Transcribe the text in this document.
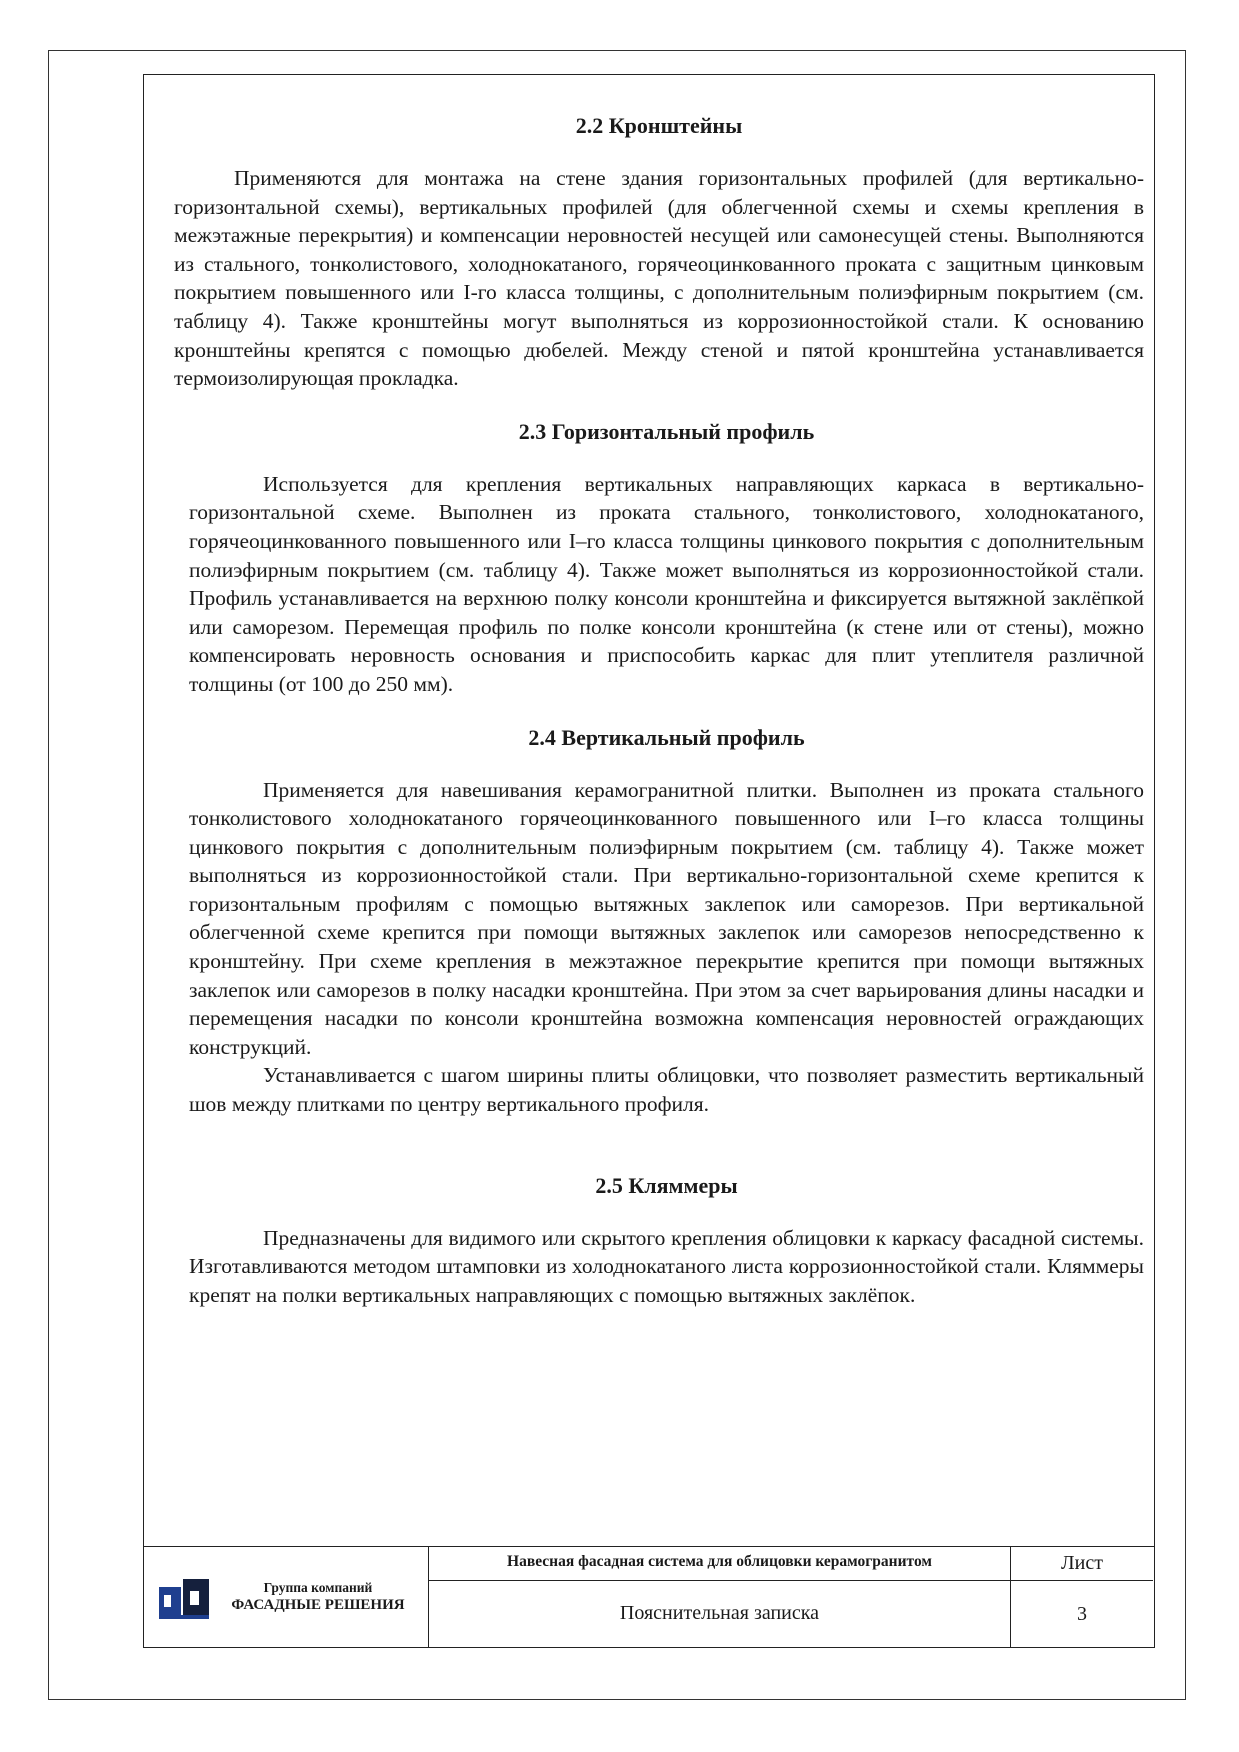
2.2 Кронштейны

Применяются для монтажа на стене здания горизонтальных профилей (для вертикально-горизонтальной схемы), вертикальных профилей (для облегченной схемы и схемы крепления в межэтажные перекрытия) и компенсации неровностей несущей или самонесущей стены. Выполняются из стального, тонколистового, холоднокатаного, горячеоцинкованного проката с защитным цинковым покрытием повышенного или I-го класса толщины, с дополнительным полиэфирным покрытием (см. таблицу 4). Также кронштейны могут выполняться из коррозионностойкой стали. К основанию кронштейны крепятся с помощью дюбелей. Между стеной и пятой кронштейна устанавливается термоизолирующая прокладка.

2.3 Горизонтальный профиль

Используется для крепления вертикальных направляющих каркаса в вертикально-горизонтальной схеме. Выполнен из проката стального, тонколистового, холоднокатаного, горячеоцинкованного повышенного или I–го класса толщины цинкового покрытия с дополнительным полиэфирным покрытием (см. таблицу 4). Также может выполняться из коррозионностойкой стали. Профиль устанавливается на верхнюю полку консоли кронштейна и фиксируется вытяжной заклёпкой или саморезом. Перемещая профиль по полке консоли кронштейна (к стене или от стены), можно компенсировать неровность основания и приспособить каркас для плит утеплителя различной толщины (от 100 до 250 мм).

2.4 Вертикальный профиль

Применяется для навешивания керамогранитной плитки. Выполнен из проката стального тонколистового холоднокатаного горячеоцинкованного повышенного или I–го класса толщины цинкового покрытия с дополнительным полиэфирным покрытием (см. таблицу 4). Также может выполняться из коррозионностойкой стали. При вертикально-горизонтальной схеме крепится к горизонтальным профилям с помощью вытяжных заклепок или саморезов. При вертикальной облегченной схеме крепится при помощи вытяжных заклепок или саморезов непосредственно к кронштейну. При схеме крепления в межэтажное перекрытие крепится при помощи вытяжных заклепок или саморезов в полку насадки кронштейна. При этом за счет варьирования длины насадки и перемещения насадки по консоли кронштейна возможна компенсация неровностей ограждающих конструкций.

Устанавливается с шагом ширины плиты облицовки, что позволяет разместить вертикальный шов между плитками по центру вертикального профиля.

2.5 Кляммеры

Предназначены для видимого или скрытого крепления облицовки к каркасу фасадной системы. Изготавливаются методом штамповки из холоднокатаного листа коррозионностойкой стали. Кляммеры крепят на полки вертикальных направляющих с помощью вытяжных заклёпок.

Группа компаний
ФАСАДНЫЕ РЕШЕНИЯ
Навесная фасадная система для облицовки керамогранитом
Пояснительная записка
Лист
3
